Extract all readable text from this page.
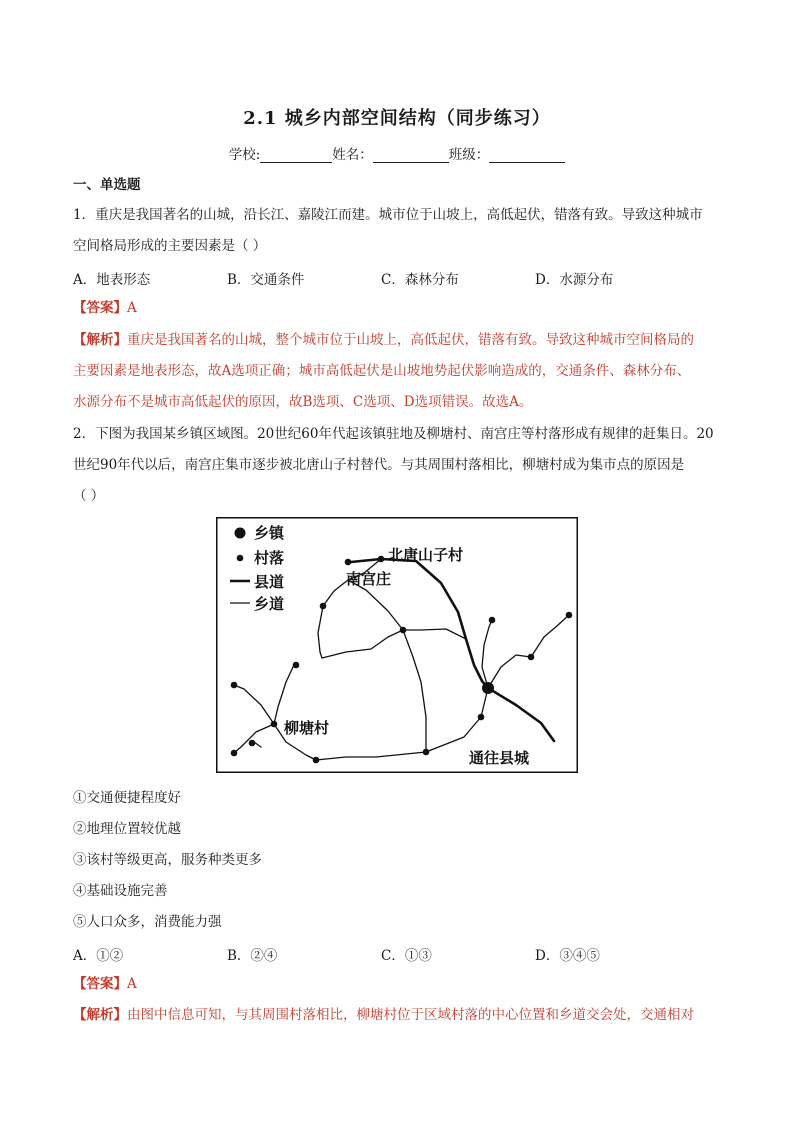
2.1 城乡内部空间结构（同步练习）
学校:	姓名：	班级：
一、单选题
1．重庆是我国著名的山城，沿长江、嘉陵江而建。城市位于山坡上，高低起伏，错落有致。导致这种城市
空间格局形成的主要因素是（ ）
A．地表形态	B．交通条件	C．森林分布	D．水源分布
【答案】A
【解析】重庆是我国著名的山城，整个城市位于山坡上，高低起伏，错落有致。导致这种城市空间格局的
主要因素是地表形态，故A选项正确；城市高低起伏是山坡地势起伏影响造成的，交通条件、森林分布、
水源分布不是城市高低起伏的原因，故B选项、C选项、D选项错误。故选A。
2．下图为我国某乡镇区域图。20世纪60年代起该镇驻地及柳塘村、南宫庄等村落形成有规律的赶集日。20
世纪90年代以后，南宫庄集市逐步被北唐山子村替代。与其周围村落相比，柳塘村成为集市点的原因是
（ ）
乡镇
村落
县道
乡道
北唐山子村
南宫庄
柳塘村
通往县城
①交通便捷程度好
②地理位置较优越
③该村等级更高，服务种类更多
④基础设施完善
⑤人口众多，消费能力强
A．①②	B．②④	C．①③	D．③④⑤
【答案】A
【解析】由图中信息可知，与其周围村落相比，柳塘村位于区域村落的中心位置和乡道交会处，交通相对
